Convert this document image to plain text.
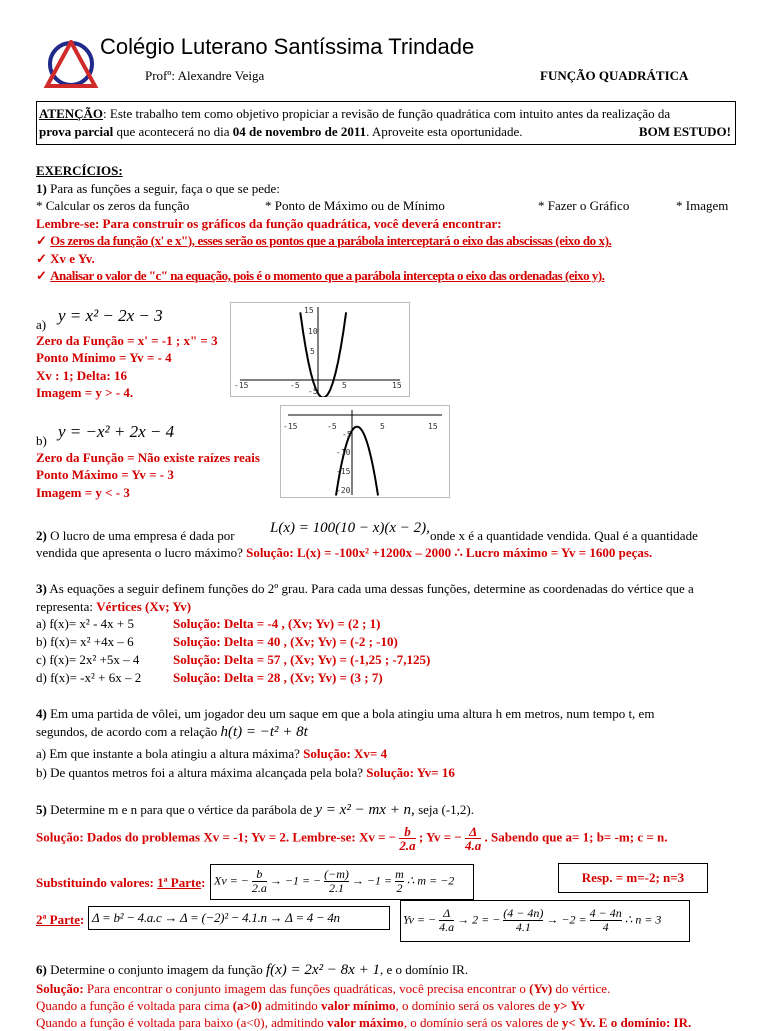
Colégio Luterano Santíssima Trindade
Profº: Alexandre Veiga	FUNÇÃO QUADRÁTICA
ATENÇÃO: Este trabalho tem como objetivo propiciar a revisão de função quadrática com intuito antes da realização da
prova parcial que acontecerá no dia 04 de novembro de 2011. Aproveite esta oportunidade.	BOM ESTUDO!
EXERCÍCIOS:
1) Para as funções a seguir, faça o que se pede:
* Calcular os zeros da função	* Ponto de Máximo ou de Mínimo	* Fazer o Gráfico	* Imagem
Lembre-se: Para construir os gráficos da função quadrática, você deverá encontrar:
✓ Os zeros da função (x' e x"), esses serão os pontos que a parábola interceptará o eixo das abscissas (eixo do x).
✓ Xv e Yv.
✓ Analisar o valor de "c" na equação, pois é o momento que a parábola intercepta o eixo das ordenadas (eixo y).
a) y = x² − 2x − 3
Zero da Função = x' = -1 ; x" = 3
Ponto Mínimo = Yv = - 4
Xv : 1; Delta: 16
Imagem = y > - 4.	-15	-5	5	15
15
10
5
-5
b) y = −x² + 2x − 4
Zero da Função = Não existe raízes reais
Ponto Máximo = Yv = - 3
Imagem = y < - 3
-15	-5	5	15
-5
-10
-15
-20
2) O lucro de uma empresa é dada por L(x) = 100(10 − x)(x − 2), onde x é a quantidade vendida. Qual é a quantidade
vendida que apresenta o lucro máximo? Solução: L(x) = -100x² +1200x – 2000 ∴ Lucro máximo = Yv = 1600 peças.
3) As equações a seguir definem funções do 2º grau. Para cada uma dessas funções, determine as coordenadas do vértice que a
representa: Vértices (Xv; Yv)
a) f(x)= x² - 4x + 5	Solução: Delta = -4 , (Xv; Yv) = (2 ; 1)
b) f(x)= x² +4x – 6	Solução: Delta = 40 , (Xv; Yv) = (-2 ; -10)
c) f(x)= 2x² +5x – 4	Solução: Delta = 57 , (Xv; Yv) = (-1,25 ; -7,125)
d) f(x)= -x² + 6x – 2 Solução: Delta = 28 , (Xv; Yv) = (3 ; 7)
4) Em uma partida de vôlei, um jogador deu um saque em que a bola atingiu uma altura h em metros, num tempo t, em
segundos, de acordo com a relação h(t) = −t² + 8t
a) Em que instante a bola atingiu a altura máxima? Solução: Xv= 4
b) De quantos metros foi a altura máxima alcançada pela bola? Solução: Yv= 16
5) Determine m e n para que o vértice da parábola de y = x² − mx + n, seja (-1,2).
Solução: Dados do problemas Xv = -1; Yv = 2. Lembre-se: Xv = − $\frac{b}{2.a}$ ; Yv = − $\frac{\Delta}{4.a}$ . Sabendo que a= 1; b= -m; c = n.
Substituindo valores: 1ª Parte: Xv = − $\frac{b}{2.a} \to -1$ = − $\frac{(-m)}{2.1} \to -1 = \frac{m}{2}$ ∴ m = −2	Resp. = m=-2; n=3
2ª Parte: Δ = b² − 4.a.c → Δ = (−2)² − 4.1.n → Δ = 4 − 4n	Yv = − $\frac{\Delta}{4.a} \to 2$ = − $\frac{(4 - 4n)}{4.1} \to -2 = \frac{4 - 4n}{4}$ ∴ n = 3
6) Determine o conjunto imagem da função f(x) = 2x² − 8x + 1, e o domínio IR.
Solução: Para encontrar o conjunto imagem das funções quadráticas, você precisa encontrar o (Yv) do vértice.
Quando a função é voltada para cima (a>0) admitindo valor mínimo, o domínio será os valores de y> Yv
Quando a função é voltada para baixo (a<0), admitindo valor máximo, o domínio será os valores de y< Yv. E o domínio: IR.
